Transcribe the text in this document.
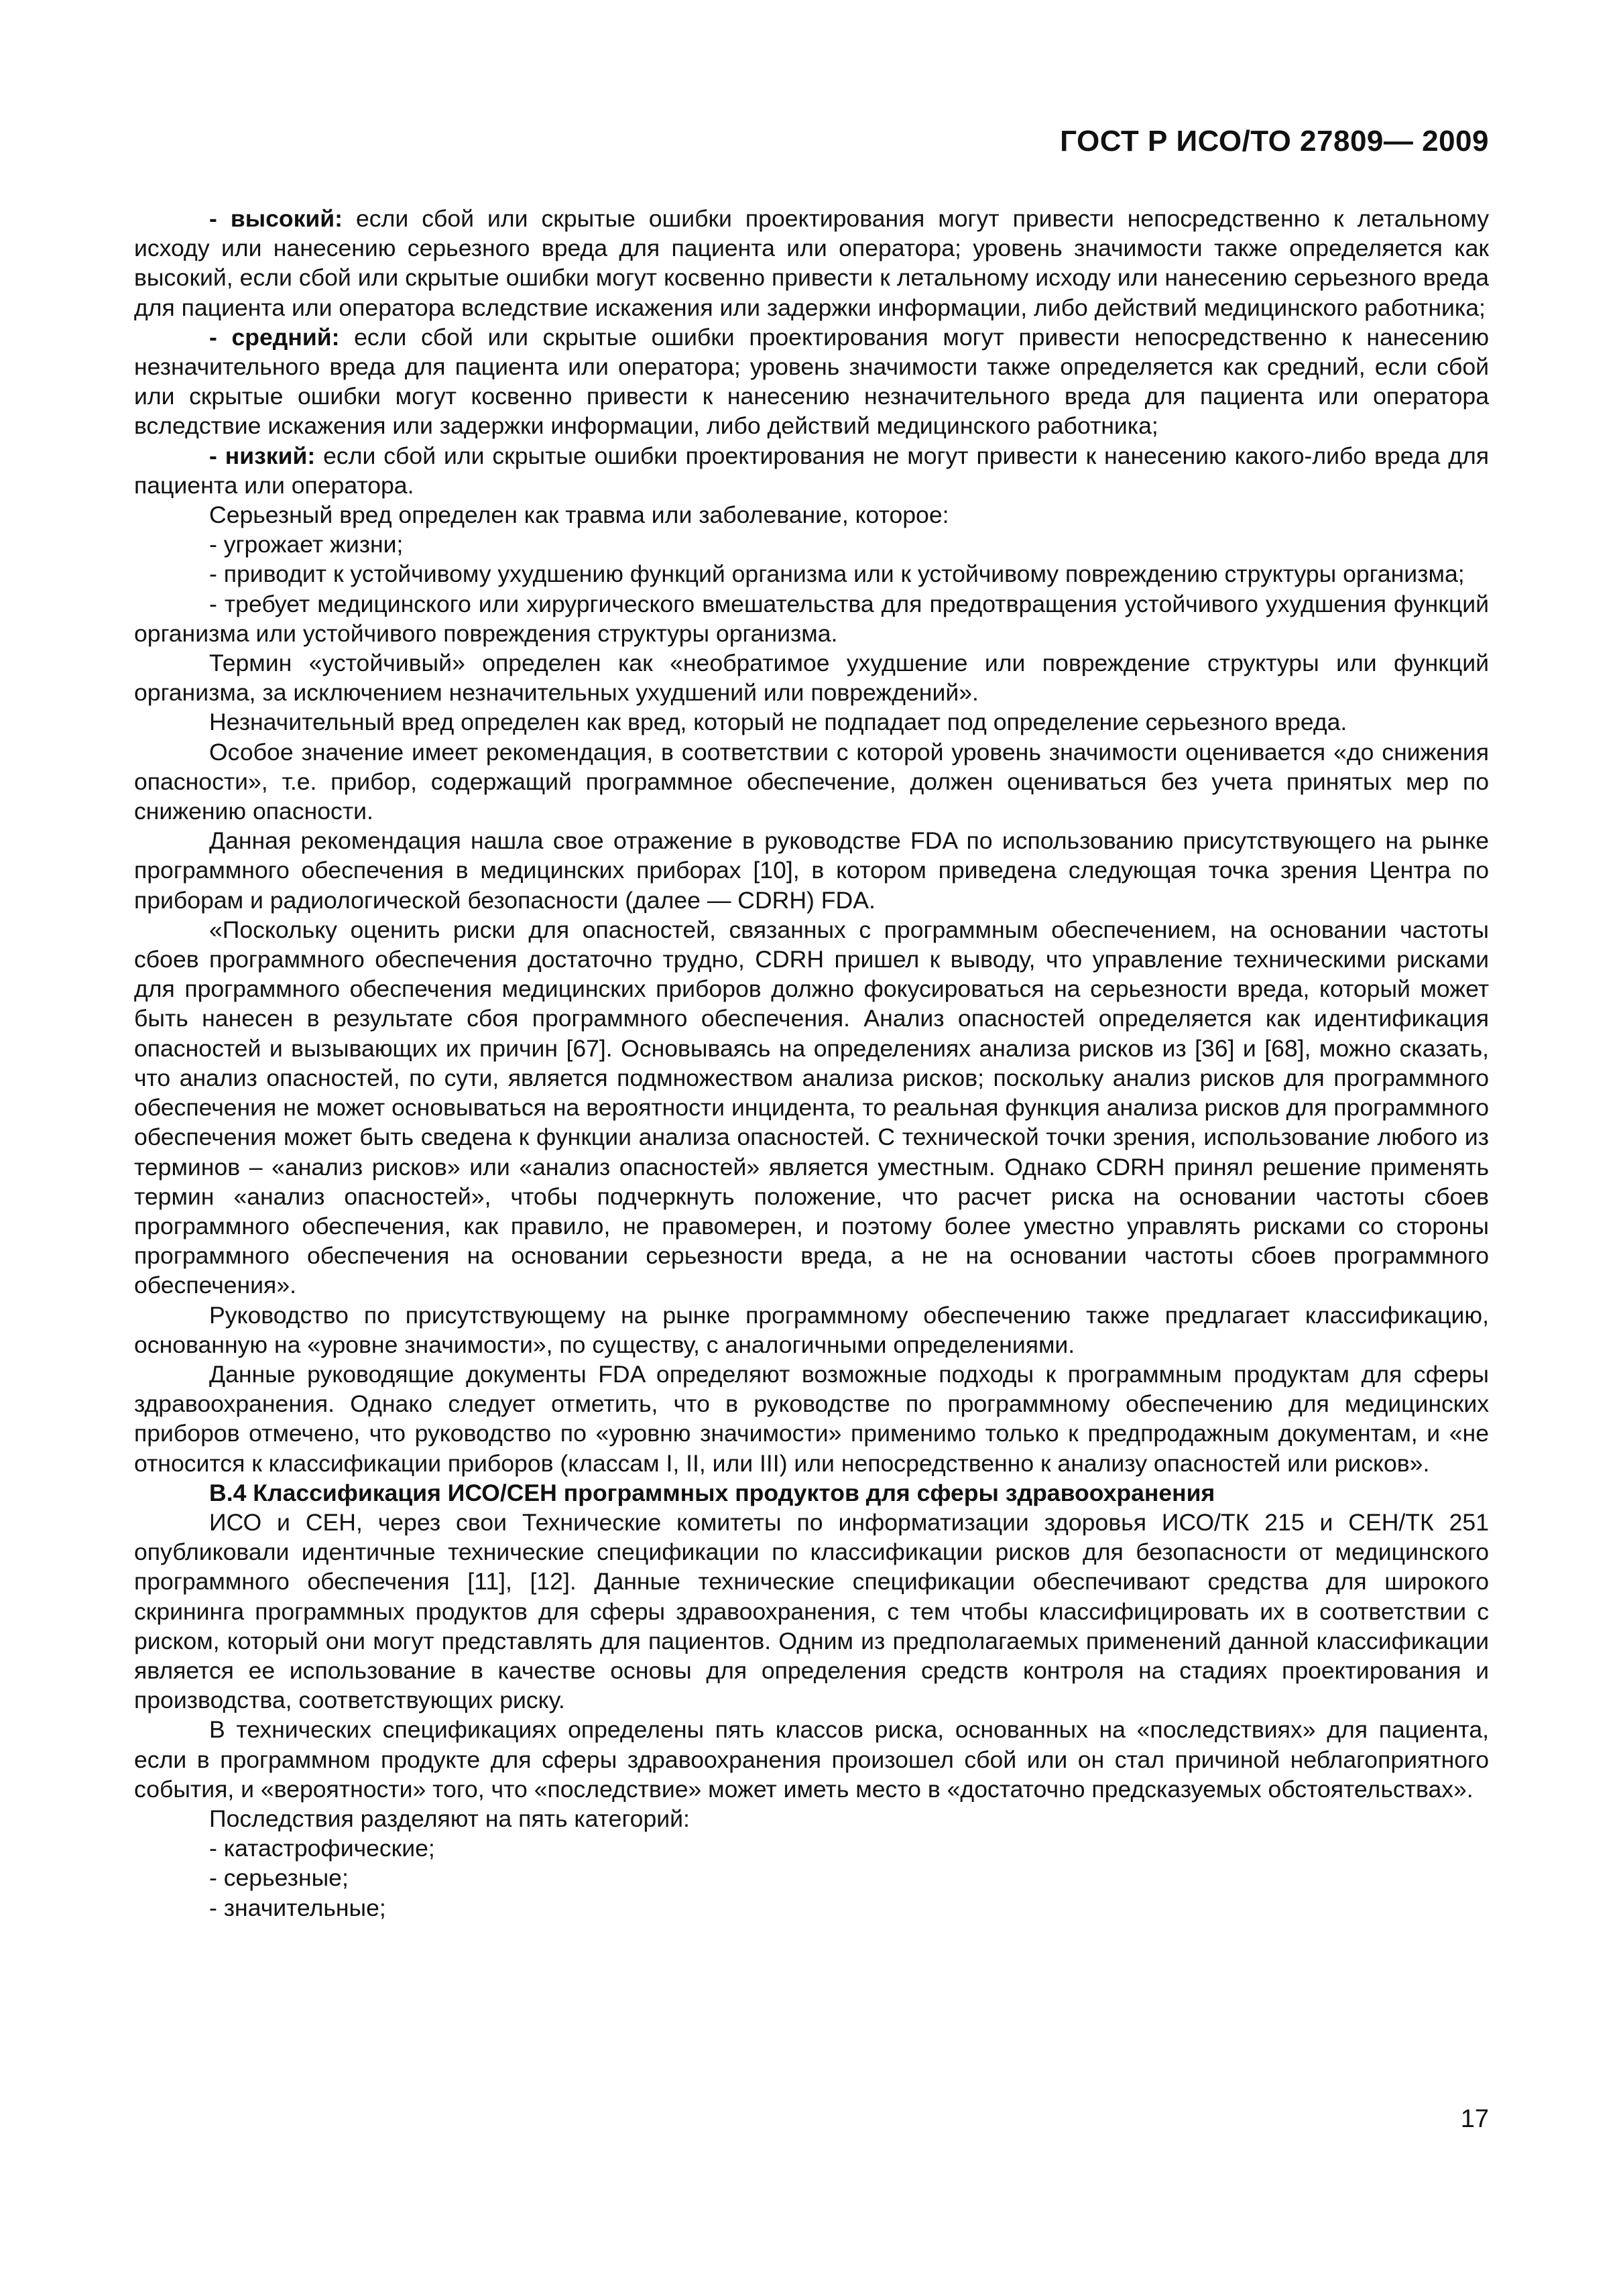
ГОСТ Р ИСО/ТО 27809— 2009

- высокий: если сбой или скрытые ошибки проектирования могут привести непосредственно к летальному исходу или нанесению серьезного вреда для пациента или оператора; уровень значимости также определяется как высокий, если сбой или скрытые ошибки могут косвенно привести к летальному исходу или нанесению серьезного вреда для пациента или оператора вследствие искажения или задержки информации, либо действий медицинского работника;

- средний: если сбой или скрытые ошибки проектирования могут привести непосредственно к нанесению незначительного вреда для пациента или оператора; уровень значимости также определяется как средний, если сбой или скрытые ошибки могут косвенно привести к нанесению незначительного вреда для пациента или оператора вследствие искажения или задержки информации, либо действий медицинского работника;

- низкий: если сбой или скрытые ошибки проектирования не могут привести к нанесению какого-либо вреда для пациента или оператора.

Серьезный вред определен как травма или заболевание, которое:

- угрожает жизни;

- приводит к устойчивому ухудшению функций организма или к устойчивому повреждению структуры организма;

- требует медицинского или хирургического вмешательства для предотвращения устойчивого ухудшения функций организма или устойчивого повреждения структуры организма.

Термин «устойчивый» определен как «необратимое ухудшение или повреждение структуры или функций организма, за исключением незначительных ухудшений или повреждений».

Незначительный вред определен как вред, который не подпадает под определение серьезного вреда.

Особое значение имеет рекомендация, в соответствии с которой уровень значимости оценивается «до снижения опасности», т.е. прибор, содержащий программное обеспечение, должен оцениваться без учета принятых мер по снижению опасности.

Данная рекомендация нашла свое отражение в руководстве FDA по использованию присутствующего на рынке программного обеспечения в медицинских приборах [10], в котором приведена следующая точка зрения Центра по приборам и радиологической безопасности (далее — CDRH) FDA.

«Поскольку оценить риски для опасностей, связанных с программным обеспечением, на основании частоты сбоев программного обеспечения достаточно трудно, CDRH пришел к выводу, что управление техническими рисками для программного обеспечения медицинских приборов должно фокусироваться на серьезности вреда, который может быть нанесен в результате сбоя программного обеспечения. Анализ опасностей определяется как идентификация опасностей и вызывающих их причин [67]. Основываясь на определениях анализа рисков из [36] и [68], можно сказать, что анализ опасностей, по сути, является подмножеством анализа рисков; поскольку анализ рисков для программного обеспечения не может основываться на вероятности инцидента, то реальная функция анализа рисков для программного обеспечения может быть сведена к функции анализа опасностей. С технической точки зрения, использование любого из терминов – «анализ рисков» или «анализ опасностей» является уместным. Однако CDRH принял решение применять термин «анализ опасностей», чтобы подчеркнуть положение, что расчет риска на основании частоты сбоев программного обеспечения, как правило, не правомерен, и поэтому более уместно управлять рисками со стороны программного обеспечения на основании серьезности вреда, а не на основании частоты сбоев программного обеспечения».

Руководство по присутствующему на рынке программному обеспечению также предлагает классификацию, основанную на «уровне значимости», по существу, с аналогичными определениями.

Данные руководящие документы FDA определяют возможные подходы к программным продуктам для сферы здравоохранения. Однако следует отметить, что в руководстве по программному обеспечению для медицинских приборов отмечено, что руководство по «уровню значимости» применимо только к предпродажным документам, и «не относится к классификации приборов (классам I, II, или III) или непосредственно к анализу опасностей или рисков».

В.4 Классификация ИСО/СЕН программных продуктов для сферы здравоохранения

ИСО и СЕН, через свои Технические комитеты по информатизации здоровья ИСО/ТК 215 и СЕН/ТК 251 опубликовали идентичные технические спецификации по классификации рисков для безопасности от медицинского программного обеспечения [11], [12]. Данные технические спецификации обеспечивают средства для широкого скрининга программных продуктов для сферы здравоохранения, с тем чтобы классифицировать их в соответствии с риском, который они могут представлять для пациентов. Одним из предполагаемых применений данной классификации является ее использование в качестве основы для определения средств контроля на стадиях проектирования и производства, соответствующих риску.

В технических спецификациях определены пять классов риска, основанных на «последствиях» для пациента, если в программном продукте для сферы здравоохранения произошел сбой или он стал причиной неблагоприятного события, и «вероятности» того, что «последствие» может иметь место в «достаточно предсказуемых обстоятельствах».

Последствия разделяют на пять категорий:

- катастрофические;

- серьезные;

- значительные;

17
